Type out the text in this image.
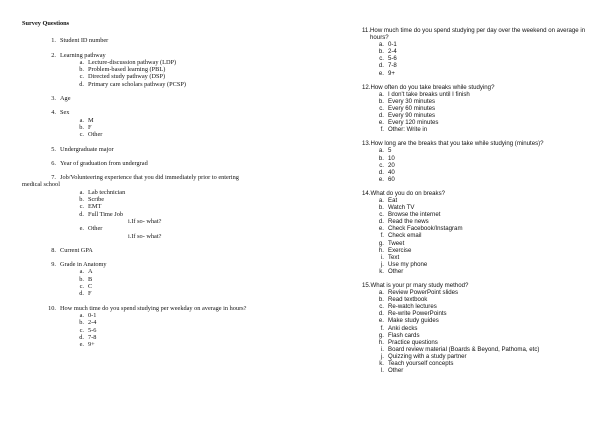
Survey Questions
1. Student ID number
2. Learning pathway
a. Lecture-discussion pathway (LDP)
b. Problem-based learning (PBL)
c. Directed study pathway (DSP)
d. Primary care scholars pathway (PCSP)
3. Age
4. Sex
a. M
b. F
c. Other
5. Undergraduate major
6. Year of graduation from undergrad
7. Job/Volunteering experience that you did immediately prior to entering
medical school
a. Lab technician
b. Scribe
c. EMT
d. Full Time Job
i.If so- what?
e. Other
i.If so- what?
8. Current GPA
9. Grade in Anatomy
a. A
b. B
c. C
d. F
10. How much time do you spend studying per weekday on average in hours?
a. 0-1
b. 2-4
c. 5-6
d. 7-8
e. 9+
11. How much time do you spend studying per day over the weekend on average in hours?
a. 0-1
b. 2-4
c. 5-6
d. 7-8
e. 9+
12. How often do you take breaks while studying?
a. I don't take breaks until I finish
b. Every 30 minutes
c. Every 60 minutes
d. Every 90 minutes
e. Every 120 minutes
f. Other: Write in
13. How long are the breaks that you take while studying (minutes)?
a. 5
b. 10
c. 20
d. 40
e. 60
14. What do you do on breaks?
a. Eat
b. Watch TV
c. Browse the internet
d. Read the news
e. Check Facebook/Instagram
f. Check email
g. Tweet
h. Exercise
i. Text
j. Use my phone
k. Other
15. What is your pr mary study method?
a. Review PowerPoint slides
b. Read textbook
c. Re-watch lectures
d. Re-write PowerPoints
e. Make study guides
f. Anki decks
g. Flash cards
h. Practice questions
i. Board review material (Boards & Beyond, Pathoma, etc)
j. Quizzing with a study partner
k. Teach yourself concepts
l. Other
